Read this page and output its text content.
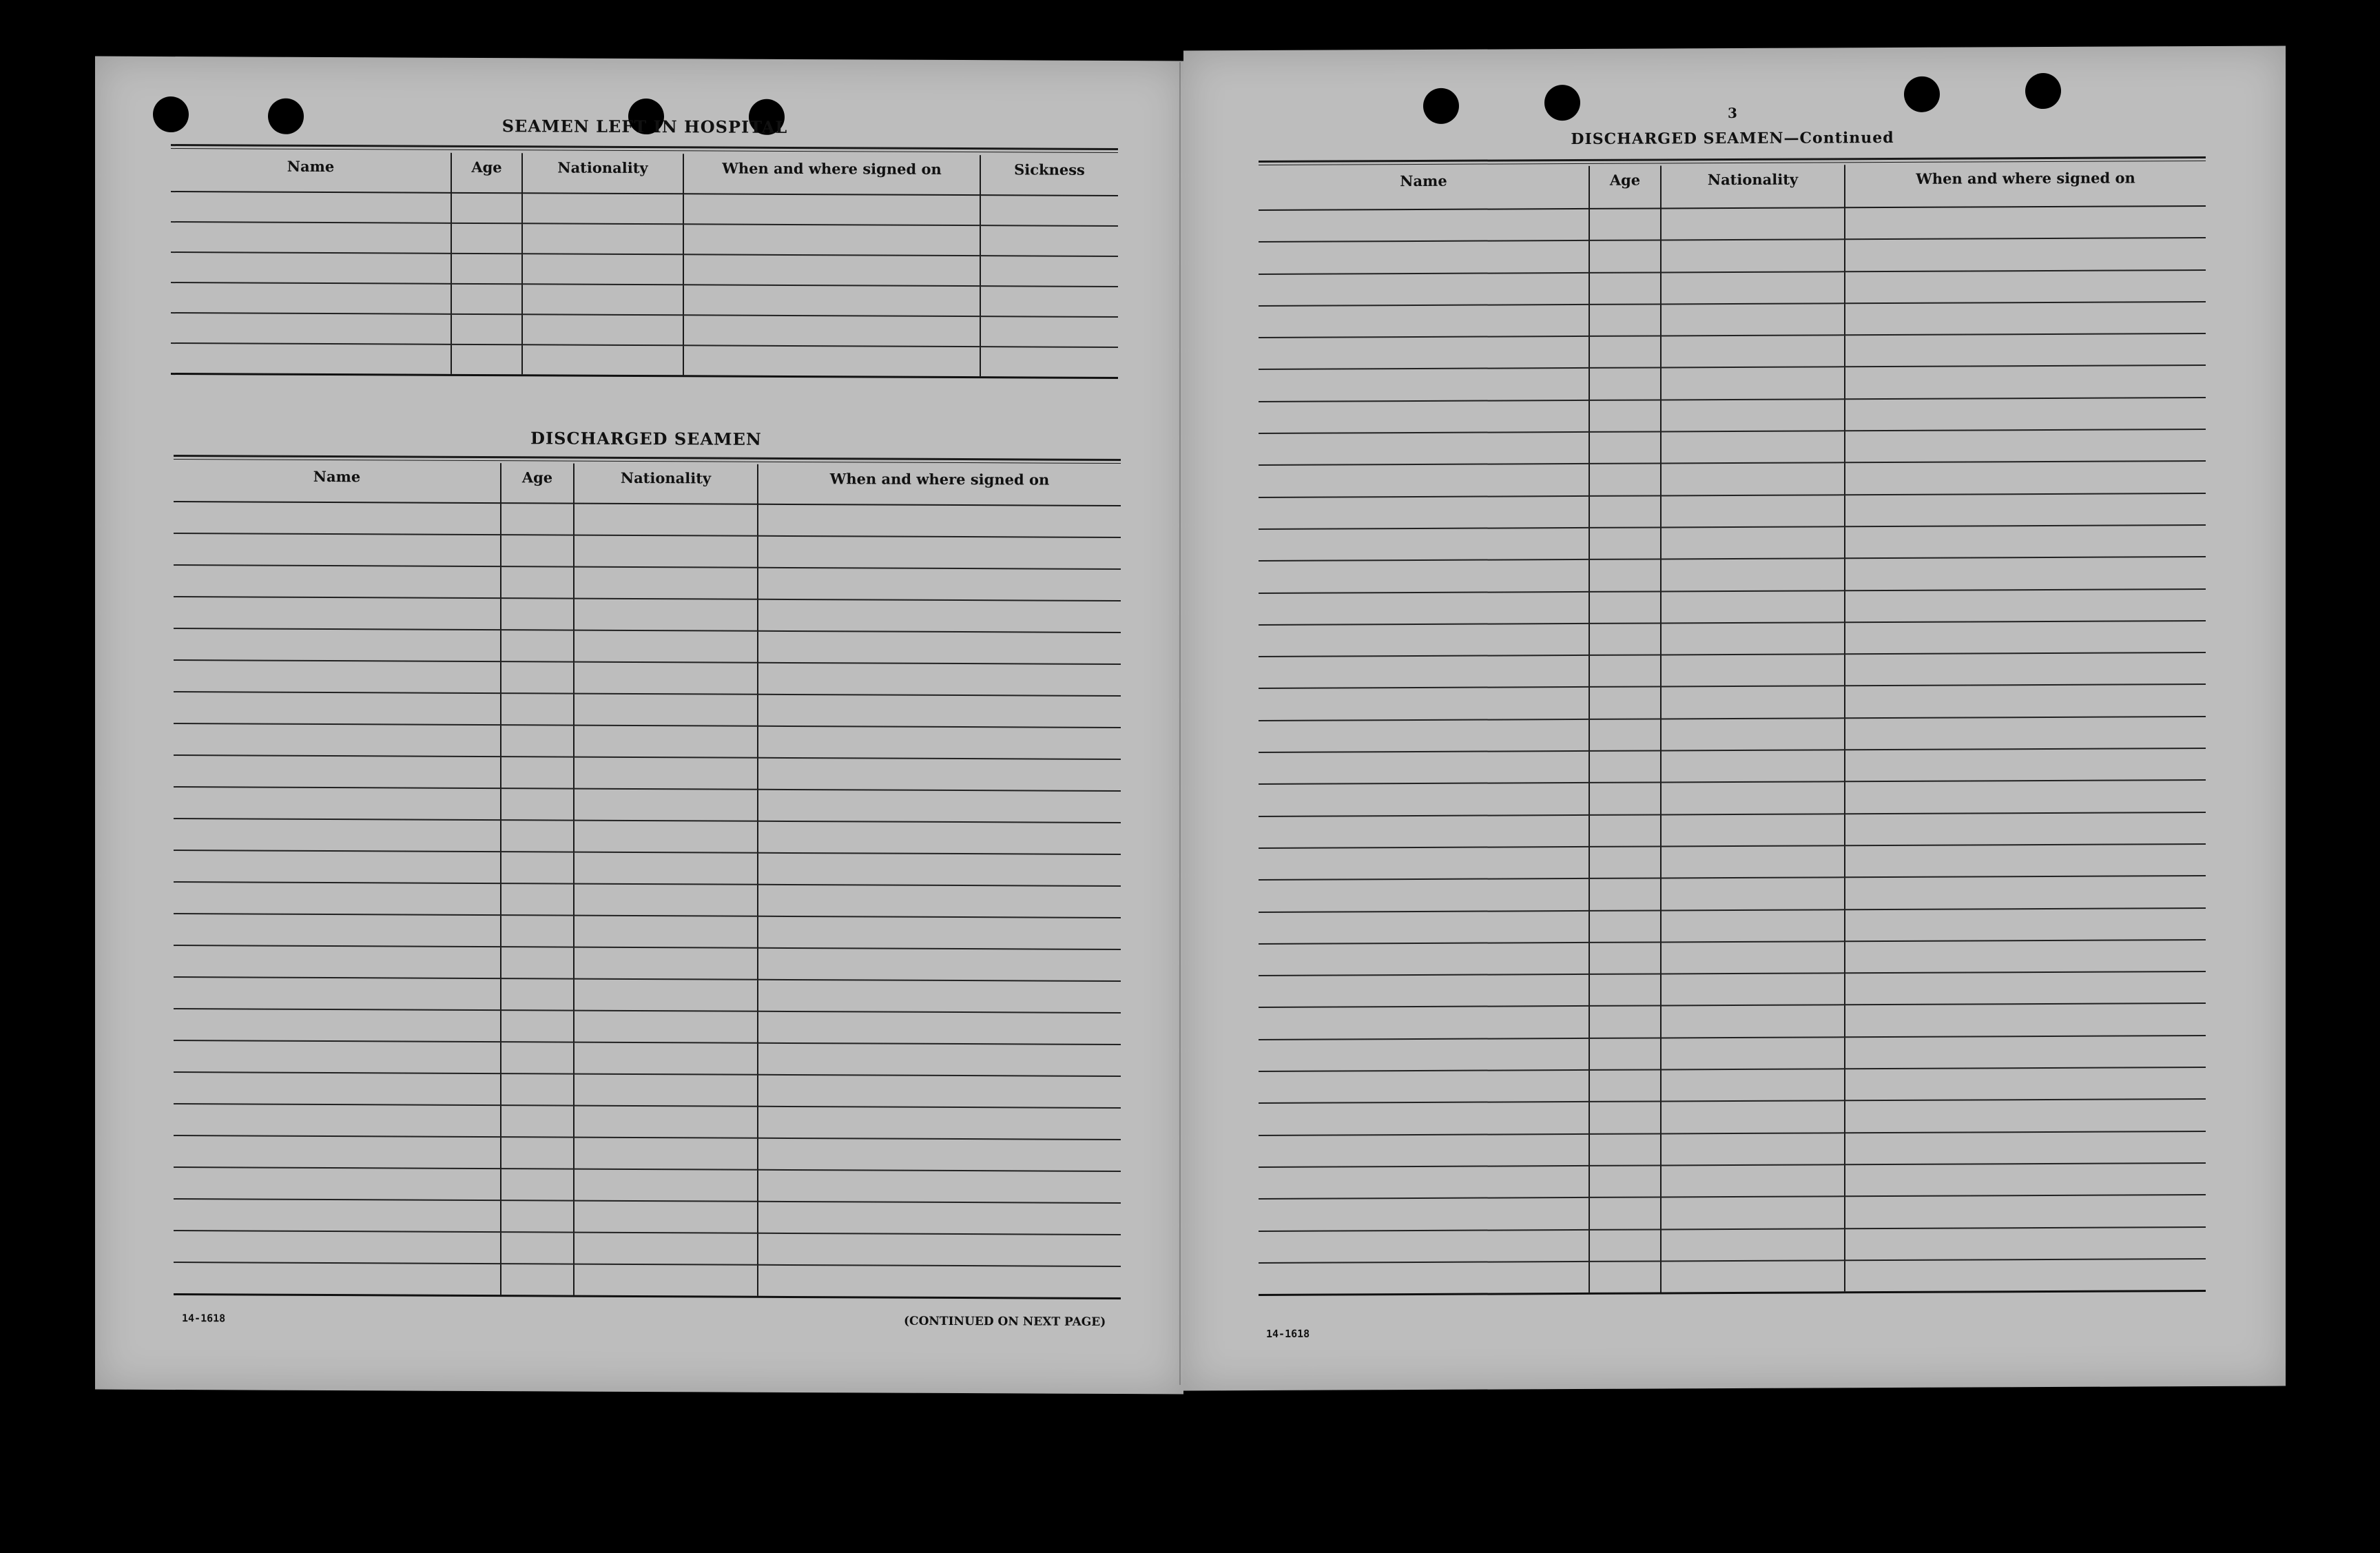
SEAMEN LEFT IN HOSPITAL
Name	Age	Nationality	When and where signed on	Sickness

DISCHARGED SEAMEN
Name	Age	Nationality	When and where signed on

14-1618	(CONTINUED ON NEXT PAGE)
3
DISCHARGED SEAMEN—Continued
Name	Age	Nationality	When and where signed on

14-1618
